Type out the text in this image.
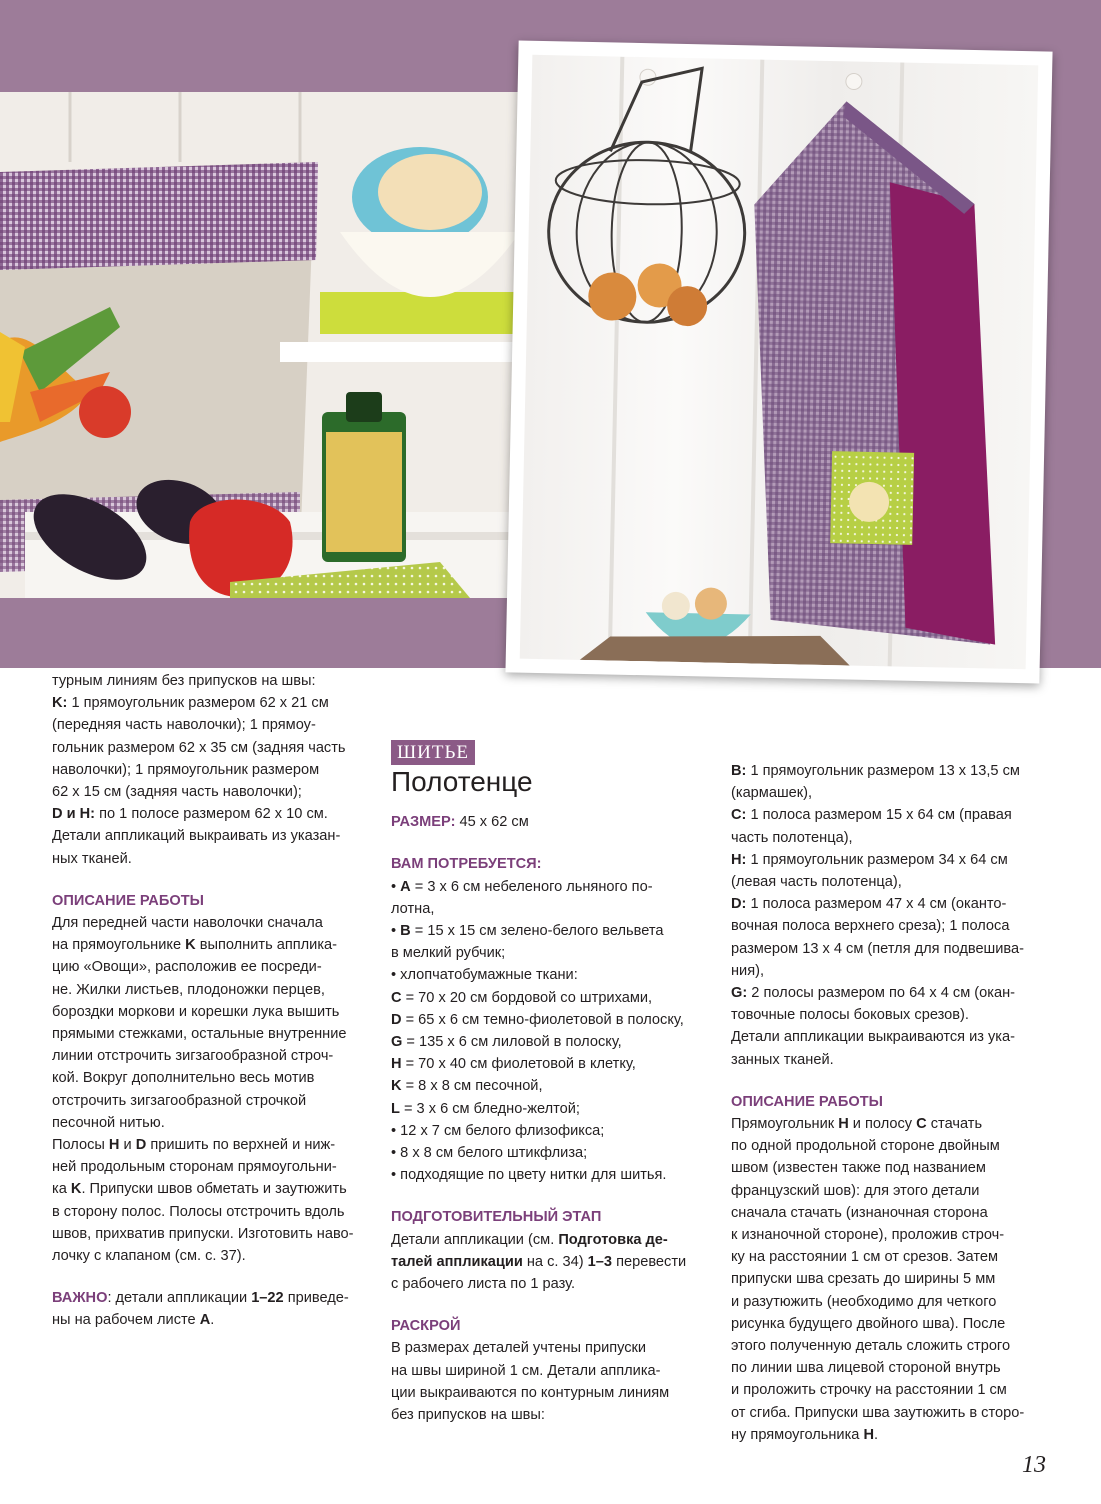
турным линиям без припусков на швы:

K: 1 прямоугольник размером 62 x 21 см

(передняя часть наволочки); 1 прямоу-

гольник размером 62 x 35 см (задняя часть

наволочки); 1 прямоугольник размером

62 x 15 см (задняя часть наволочки);

D и H: по 1 полосе размером 62 x 10 см.

Детали аппликаций выкраивать из указан-

ных тканей.

ОПИСАНИЕ РАБОТЫ

Для передней части наволочки сначала

на прямоугольнике K выполнить апплика-

цию «Овощи», расположив ее посреди-

не. Жилки листьев, плодоножки перцев,

бороздки моркови и корешки лука вышить

прямыми стежками, остальные внутренние

линии отстрочить зигзагообразной строч-

кой. Вокруг дополнительно весь мотив

отстрочить зигзагообразной строчкой

песочной нитью.

Полосы H и D пришить по верхней и ниж-

ней продольным сторонам прямоугольни-

ка K. Припуски швов обметать и заутюжить

в сторону полос. Полосы отстрочить вдоль

швов, прихватив припуски. Изготовить наво-

лочку с клапаном (см. с. 37).

ВАЖНО: детали аппликации 1–22 приведе-

ны на рабочем листе A.

ШИТЬЕ

Полотенце

РАЗМЕР: 45 x 62 см

ВАМ ПОТРЕБУЕТСЯ:

• A = 3 x 6 см небеленого льняного по-

лотна,

• B = 15 x 15 см зелено-белого вельвета

в мелкий рубчик;

• хлопчатобумажные ткани:

C = 70 x 20 см бордовой со штрихами,

D = 65 x 6 см темно-фиолетовой в полоску,

G = 135 x 6 см лиловой в полоску,

H = 70 x 40 см фиолетовой в клетку,

K = 8 x 8 см песочной,

L = 3 x 6 см бледно-желтой;

• 12 x 7 см белого флизофикса;

• 8 x 8 см белого штикфлиза;

• подходящие по цвету нитки для шитья.

ПОДГОТОВИТЕЛЬНЫЙ ЭТАП

Детали аппликации (см. Подготовка де-

талей аппликации на с. 34) 1–3 перевести

с рабочего листа по 1 разу.

РАСКРОЙ

В размерах деталей учтены припуски

на швы шириной 1 см. Детали апплика-

ции выкраиваются по контурным линиям

без припусков на швы:

B: 1 прямоугольник размером 13 x 13,5 см

(кармашек),

C: 1 полоса размером 15 x 64 см (правая

часть полотенца),

H: 1 прямоугольник размером 34 x 64 см

(левая часть полотенца),

D: 1 полоса размером 47 x 4 см (оканто-

вочная полоса верхнего среза); 1 полоса

размером 13 x 4 см (петля для подвешива-

ния),

G: 2 полосы размером по 64 x 4 см (окан-

товочные полосы боковых срезов).

Детали аппликации выкраиваются из ука-

занных тканей.

ОПИСАНИЕ РАБОТЫ

Прямоугольник H и полосу C стачать

по одной продольной стороне двойным

швом (известен также под названием

французский шов): для этого детали

сначала стачать (изнаночная сторона

к изнаночной стороне), проложив строч-

ку на расстоянии 1 см от срезов. Затем

припуски шва срезать до ширины 5 мм

и разутюжить (необходимо для четкого

рисунка будущего двойного шва). После

этого полученную деталь сложить строго

по линии шва лицевой стороной внутрь

и проложить строчку на расстоянии 1 см

от сгиба. Припуски шва заутюжить в сторо-

ну прямоугольника H.

13
